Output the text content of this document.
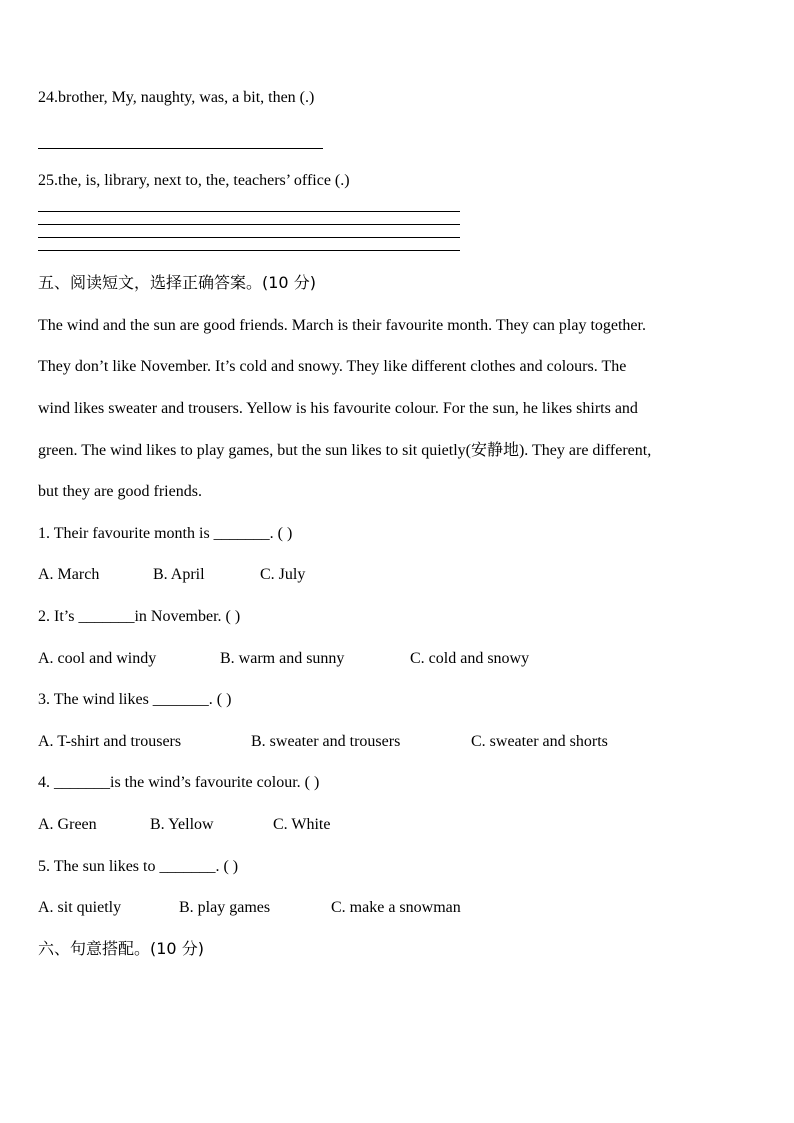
24.brother, My, naughty, was, a bit, then (.)
25.the, is, library, next to, the, teachers’ office (.)
五、阅读短文，选择正确答案。(10 分)
The wind and the sun are good friends. March is their favourite month. They can play together.
They don’t like November. It’s cold and snowy. They like different clothes and colours. The
wind likes sweater and trousers. Yellow is his favourite colour. For the sun, he likes shirts and
green. The wind likes to play games, but the sun likes to sit quietly(安静地). They are different,
but they are good friends.
1. Their favourite month is _______. ( )
A. March	B. April	C. July
2. It’s _______in November. ( )
A. cool and windy	B. warm and sunny	C. cold and snowy
3. The wind likes _______. ( )
A. T-shirt and trousers	B. sweater and trousers	C. sweater and shorts
4. _______is the wind’s favourite colour. ( )
A. Green	B. Yellow	C. White
5. The sun likes to _______. ( )
A. sit quietly	B. play games	C. make a snowman
六、句意搭配。(10 分)
